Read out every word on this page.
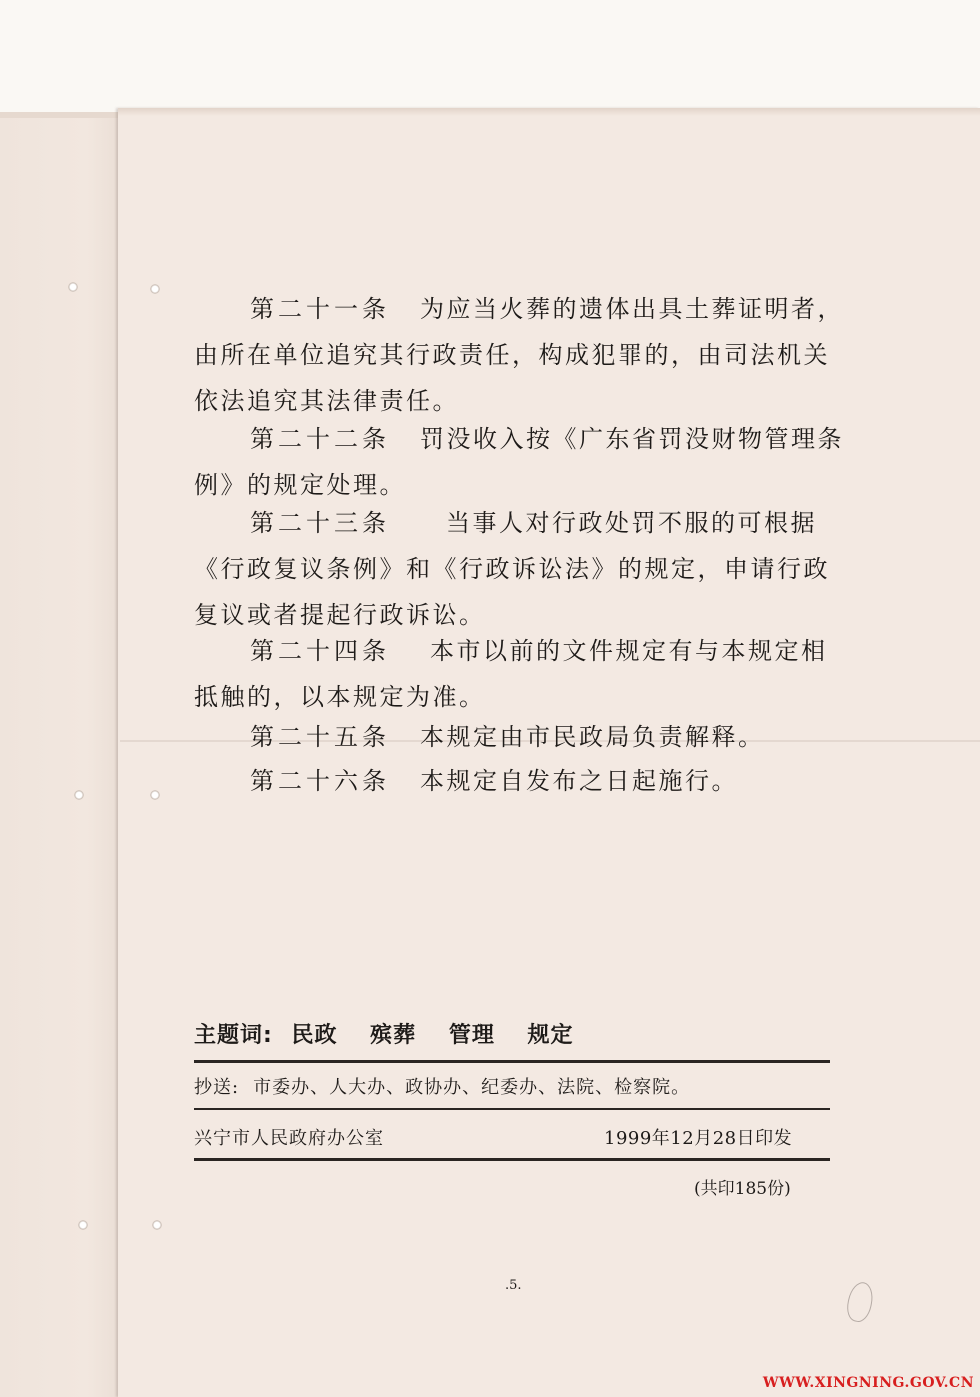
第二十一条 为应当火葬的遗体出具土葬证明者，由所在单位追究其行政责任，构成犯罪的，由司法机关依法追究其法律责任。

第二十二条 罚没收入按《广东省罚没财物管理条例》的规定处理。

第二十三条 当事人对行政处罚不服的可根据《行政复议条例》和《行政诉讼法》的规定，申请行政复议或者提起行政诉讼。

第二十四条 本市以前的文件规定有与本规定相抵触的，以本规定为准。

第二十五条 本规定由市民政局负责解释。

第二十六条 本规定自发布之日起施行。

主题词: 民政 殡葬 管理 规定
抄送: 市委办、人大办、政协办、纪委办、法院、检察院。
兴宁市人民政府办公室	1999年12月28日印发
(共印185份)
.5.
WWW.XINGNING.GOV.CN
